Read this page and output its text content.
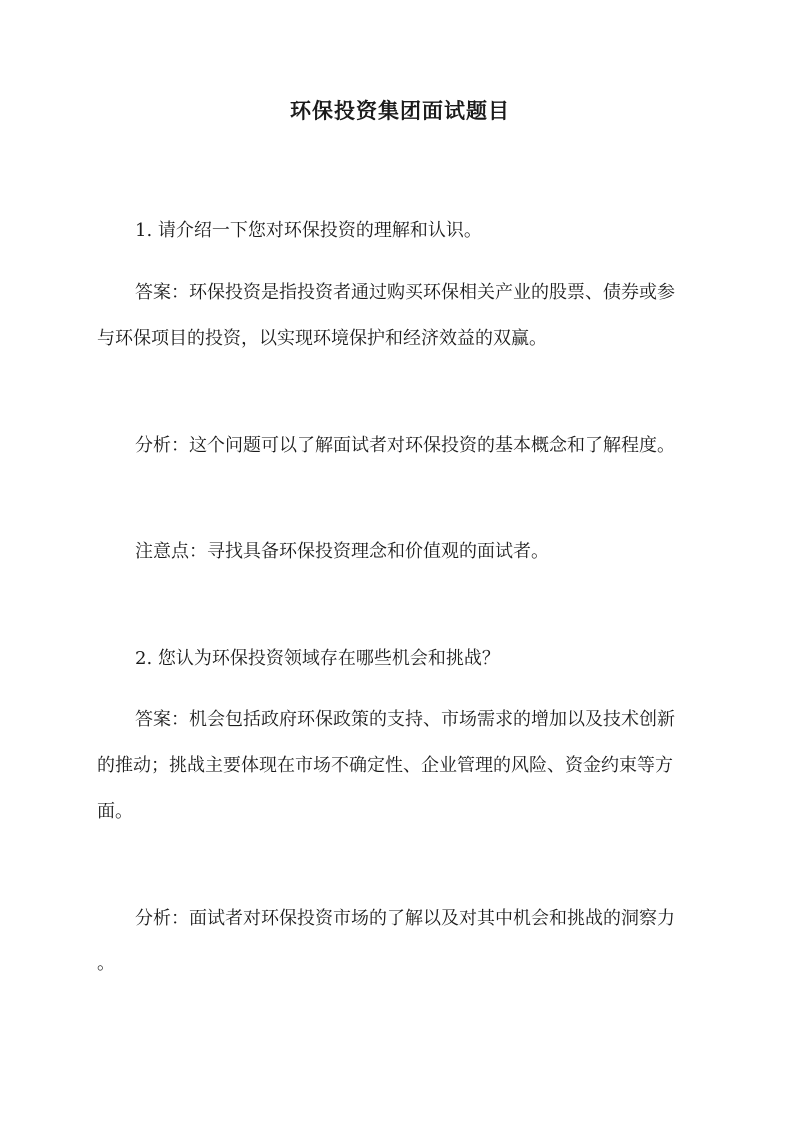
环保投资集团面试题目
1. 请介绍一下您对环保投资的理解和认识。
答案：环保投资是指投资者通过购买环保相关产业的股票、债券或参
与环保项目的投资，以实现环境保护和经济效益的双赢。
分析：这个问题可以了解面试者对环保投资的基本概念和了解程度。
注意点：寻找具备环保投资理念和价值观的面试者。
2. 您认为环保投资领域存在哪些机会和挑战？
答案：机会包括政府环保政策的支持、市场需求的增加以及技术创新
的推动；挑战主要体现在市场不确定性、企业管理的风险、资金约束等方
面。
分析：面试者对环保投资市场的了解以及对其中机会和挑战的洞察力
。
